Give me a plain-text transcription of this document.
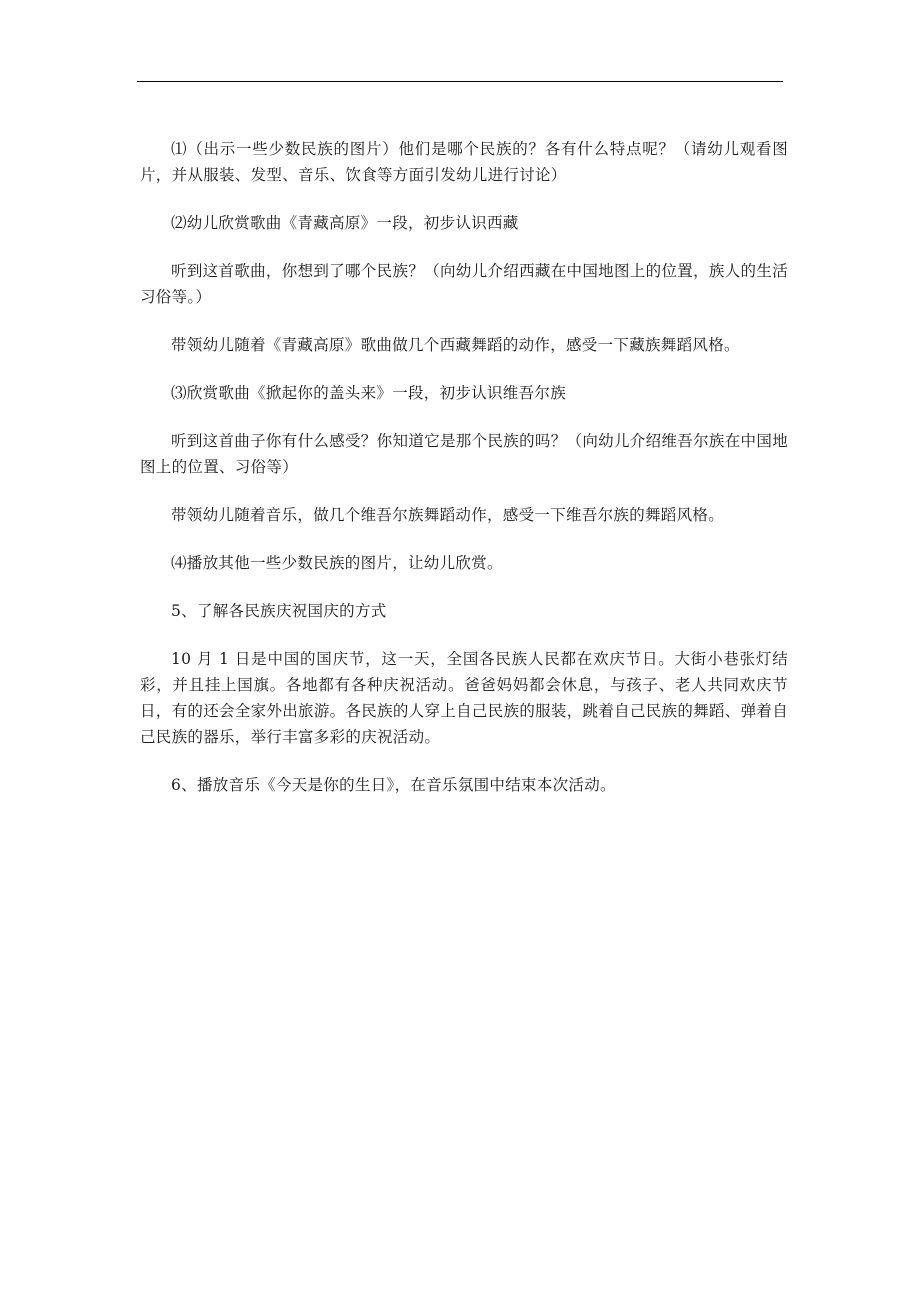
⑴（出示一些少数民族的图片）他们是哪个民族的？各有什么特点呢？（请幼儿观看图片，并从服装、发型、音乐、饮食等方面引发幼儿进行讨论）

⑵幼儿欣赏歌曲《青藏高原》一段，初步认识西藏

听到这首歌曲，你想到了哪个民族？（向幼儿介绍西藏在中国地图上的位置，族人的生活习俗等。）

带领幼儿随着《青藏高原》歌曲做几个西藏舞蹈的动作，感受一下藏族舞蹈风格。

⑶欣赏歌曲《掀起你的盖头来》一段，初步认识维吾尔族

听到这首曲子你有什么感受？你知道它是那个民族的吗？（向幼儿介绍维吾尔族在中国地图上的位置、习俗等）

带领幼儿随着音乐，做几个维吾尔族舞蹈动作，感受一下维吾尔族的舞蹈风格。

⑷播放其他一些少数民族的图片，让幼儿欣赏。

5、了解各民族庆祝国庆的方式

10 月 1 日是中国的国庆节，这一天，全国各民族人民都在欢庆节日。大街小巷张灯结彩，并且挂上国旗。各地都有各种庆祝活动。爸爸妈妈都会休息，与孩子、老人共同欢庆节日，有的还会全家外出旅游。各民族的人穿上自己民族的服装，跳着自己民族的舞蹈、弹着自己民族的器乐，举行丰富多彩的庆祝活动。

6、播放音乐《今天是你的生日》，在音乐氛围中结束本次活动。
